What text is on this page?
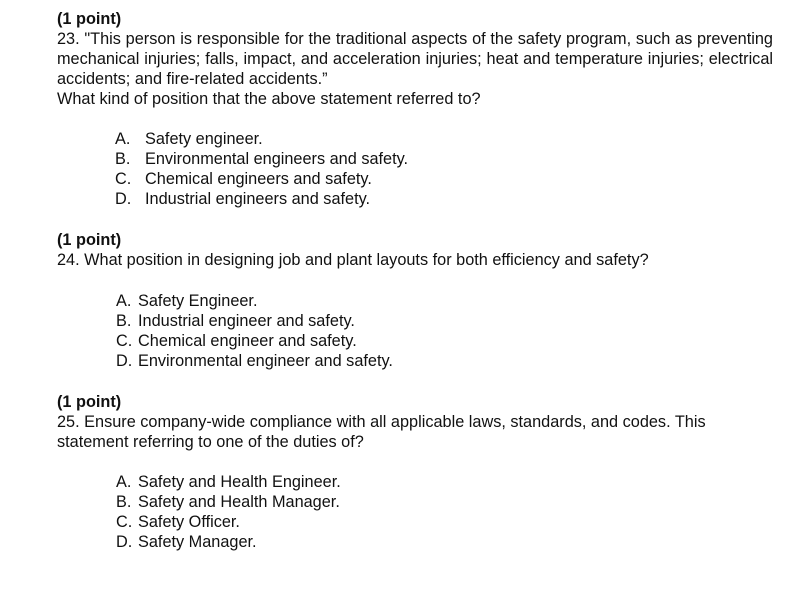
(1 point)
23. "This person is responsible for the traditional aspects of the safety program, such as preventing mechanical injuries; falls, impact, and acceleration injuries; heat and temperature injuries; electrical accidents; and fire-related accidents.”
What kind of position that the above statement referred to?
A. Safety engineer.
B. Environmental engineers and safety.
C. Chemical engineers and safety.
D. Industrial engineers and safety.
(1 point)
24. What position in designing job and plant layouts for both efficiency and safety?
A. Safety Engineer.
B. Industrial engineer and safety.
C. Chemical engineer and safety.
D. Environmental engineer and safety.
(1 point)
25. Ensure company-wide compliance with all applicable laws, standards, and codes. This statement referring to one of the duties of?
A. Safety and Health Engineer.
B. Safety and Health Manager.
C. Safety Officer.
D. Safety Manager.
